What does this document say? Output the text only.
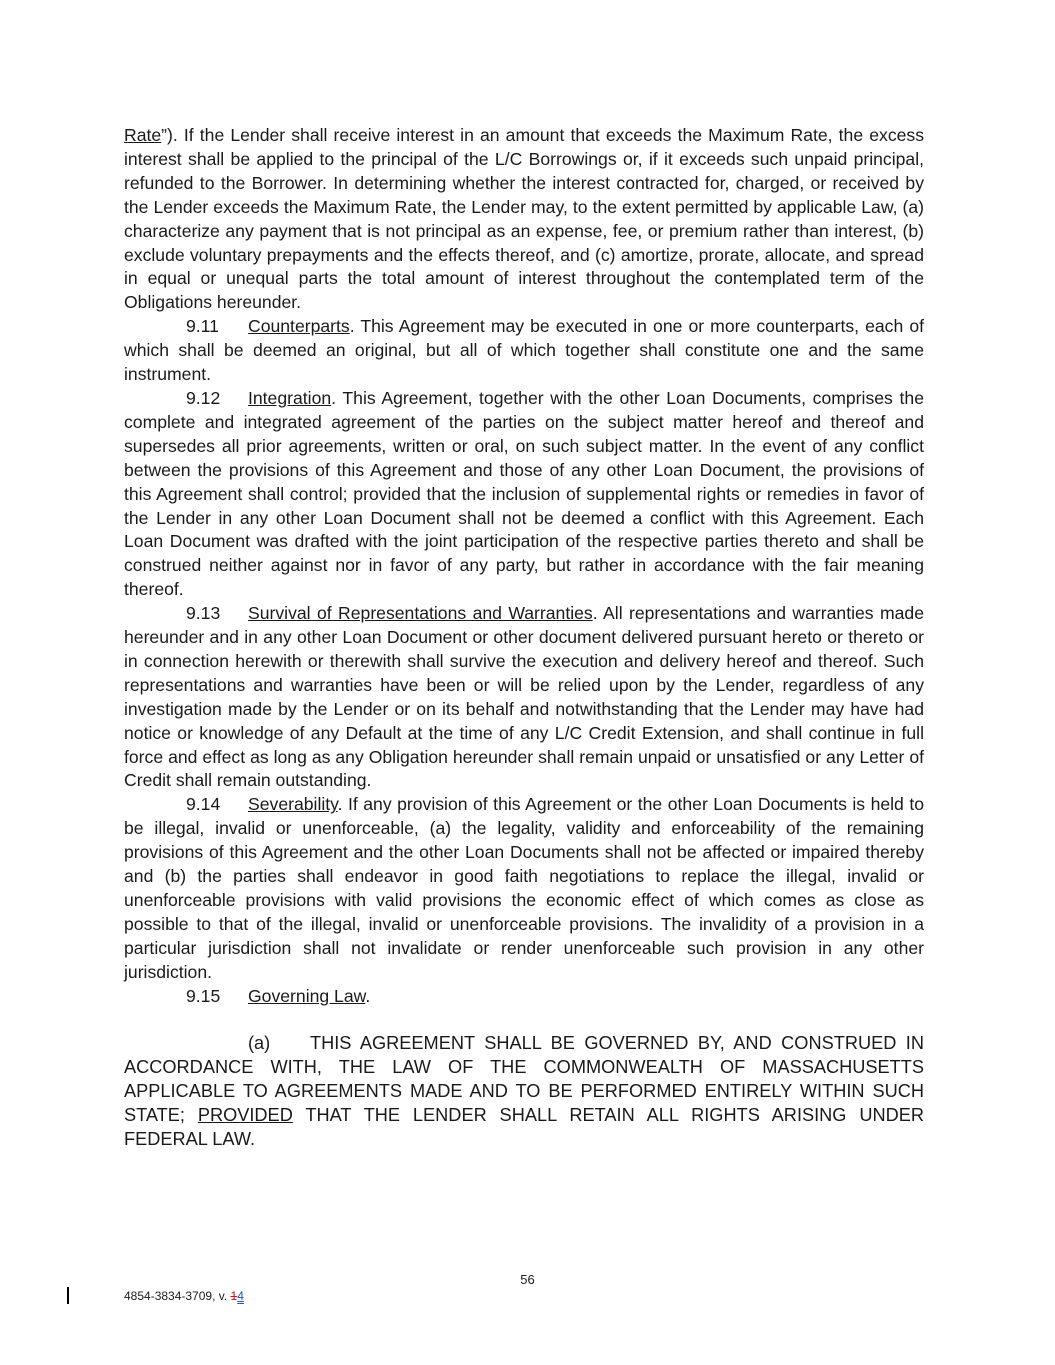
Rate”). If the Lender shall receive interest in an amount that exceeds the Maximum Rate, the excess interest shall be applied to the principal of the L/C Borrowings or, if it exceeds such unpaid principal, refunded to the Borrower. In determining whether the interest contracted for, charged, or received by the Lender exceeds the Maximum Rate, the Lender may, to the extent permitted by applicable Law, (a) characterize any payment that is not principal as an expense, fee, or premium rather than interest, (b) exclude voluntary prepayments and the effects thereof, and (c) amortize, prorate, allocate, and spread in equal or unequal parts the total amount of interest throughout the contemplated term of the Obligations hereunder.

9.11 Counterparts. This Agreement may be executed in one or more counterparts, each of which shall be deemed an original, but all of which together shall constitute one and the same instrument.

9.12 Integration. This Agreement, together with the other Loan Documents, comprises the complete and integrated agreement of the parties on the subject matter hereof and thereof and supersedes all prior agreements, written or oral, on such subject matter. In the event of any conflict between the provisions of this Agreement and those of any other Loan Document, the provisions of this Agreement shall control; provided that the inclusion of supplemental rights or remedies in favor of the Lender in any other Loan Document shall not be deemed a conflict with this Agreement. Each Loan Document was drafted with the joint participation of the respective parties thereto and shall be construed neither against nor in favor of any party, but rather in accordance with the fair meaning thereof.

9.13 Survival of Representations and Warranties. All representations and warranties made hereunder and in any other Loan Document or other document delivered pursuant hereto or thereto or in connection herewith or therewith shall survive the execution and delivery hereof and thereof. Such representations and warranties have been or will be relied upon by the Lender, regardless of any investigation made by the Lender or on its behalf and notwithstanding that the Lender may have had notice or knowledge of any Default at the time of any L/C Credit Extension, and shall continue in full force and effect as long as any Obligation hereunder shall remain unpaid or unsatisfied or any Letter of Credit shall remain outstanding.

9.14 Severability. If any provision of this Agreement or the other Loan Documents is held to be illegal, invalid or unenforceable, (a) the legality, validity and enforceability of the remaining provisions of this Agreement and the other Loan Documents shall not be affected or impaired thereby and (b) the parties shall endeavor in good faith negotiations to replace the illegal, invalid or unenforceable provisions with valid provisions the economic effect of which comes as close as possible to that of the illegal, invalid or unenforceable provisions. The invalidity of a provision in a particular jurisdiction shall not invalidate or render unenforceable such provision in any other jurisdiction.

9.15 Governing Law.

(a) THIS AGREEMENT SHALL BE GOVERNED BY, AND CONSTRUED IN ACCORDANCE WITH, THE LAW OF THE COMMONWEALTH OF MASSACHUSETTS APPLICABLE TO AGREEMENTS MADE AND TO BE PERFORMED ENTIRELY WITHIN SUCH STATE; PROVIDED THAT THE LENDER SHALL RETAIN ALL RIGHTS ARISING UNDER FEDERAL LAW.

56
4854-3834-3709, v. 14
